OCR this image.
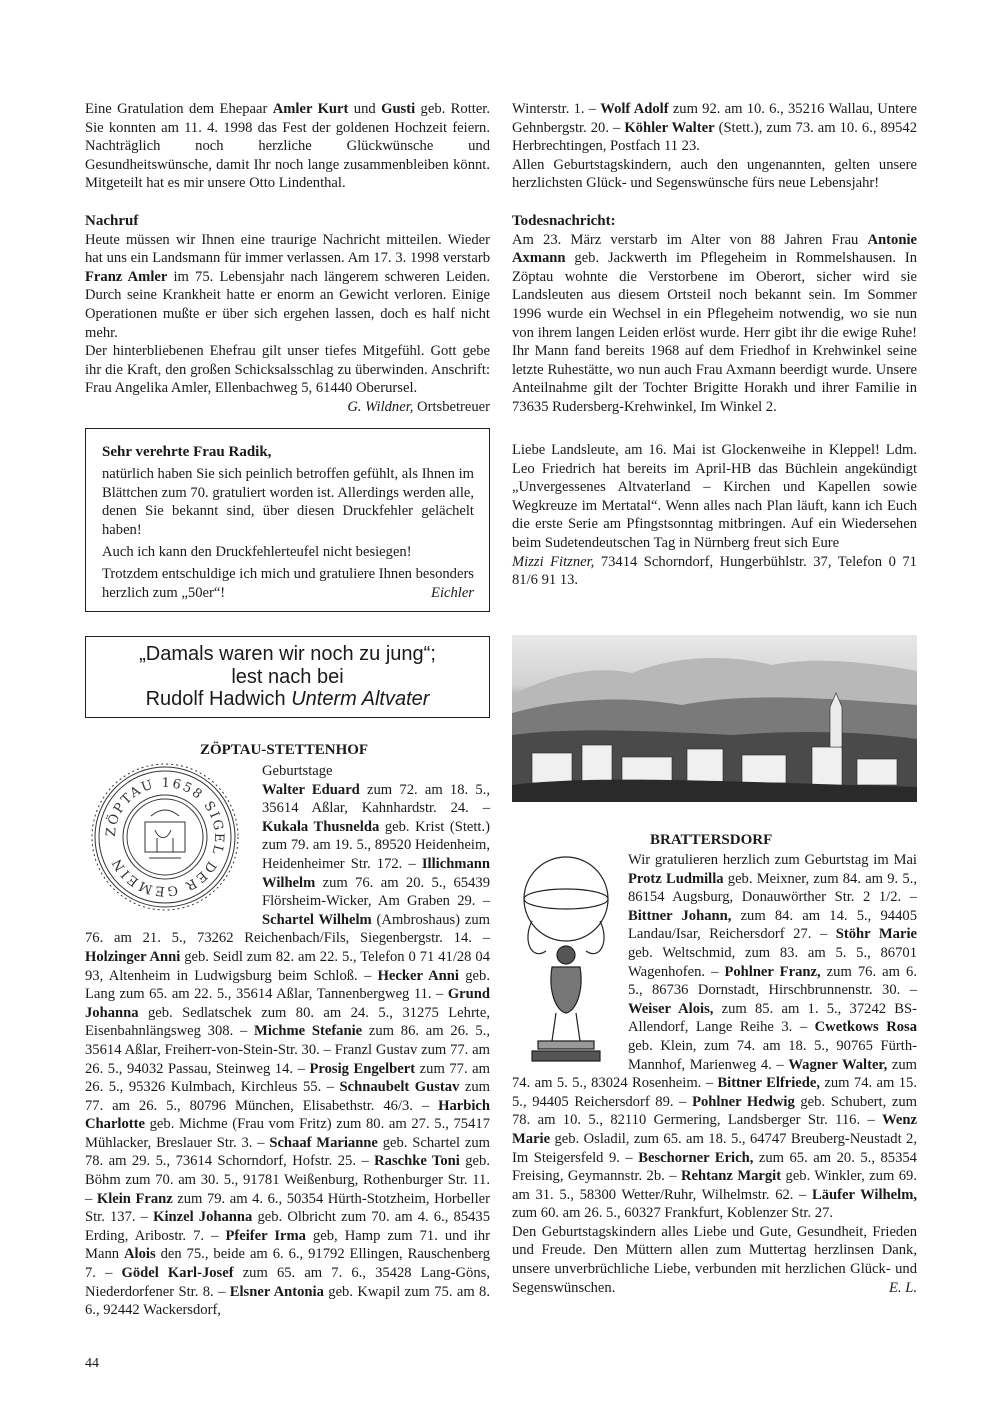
Eine Gratulation dem Ehepaar Amler Kurt und Gusti geb. Rotter. Sie konnten am 11. 4. 1998 das Fest der goldenen Hochzeit feiern. Nachträglich noch herzliche Glückwünsche und Gesundheitswünsche, damit Ihr noch lange zusammenbleiben könnt. Mitgeteilt hat es mir unsere Otto Lindenthal.

Nachruf

Heute müssen wir Ihnen eine traurige Nachricht mitteilen. Wieder hat uns ein Landsmann für immer verlassen. Am 17. 3. 1998 verstarb Franz Amler im 75. Lebensjahr nach längerem schweren Leiden. Durch seine Krankheit hatte er enorm an Gewicht verloren. Einige Operationen mußte er über sich ergehen lassen, doch es half nicht mehr.

Der hinterbliebenen Ehefrau gilt unser tiefes Mitgefühl. Gott gebe ihr die Kraft, den großen Schicksalsschlag zu überwinden. Anschrift: Frau Angelika Amler, Ellenbachweg 5, 61440 Oberursel.

G. Wildner, Ortsbetreuer

Sehr verehrte Frau Radik,

natürlich haben Sie sich peinlich betroffen gefühlt, als Ihnen im Blättchen zum 70. gratuliert worden ist. Allerdings werden alle, denen Sie bekannt sind, über diesen Druckfehler gelächelt haben!

Auch ich kann den Druckfehlerteufel nicht besiegen!

Trotzdem entschuldige ich mich und gratuliere Ihnen besonders herzlich zum „50er“!	Eichler

„Damals waren wir noch zu jung“;
lest nach bei
Rudolf Hadwich Unterm Altvater
ZÖPTAU-STETTENHOF
ZÖPTAU 1658 SIGEL DER GEMEIN
Geburtstage

Walter Eduard zum 72. am 18. 5., 35614 Aßlar, Kahnhardstr. 24. – Kukala Thusnelda geb. Krist (Stett.) zum 79. am 19. 5., 89520 Heidenheim, Heidenheimer Str. 172. – Illichmann Wilhelm zum 76. am 20. 5., 65439 Flörsheim-Wicker, Am Graben 29. – Schartel Wilhelm (Ambroshaus) zum 76. am 21. 5., 73262 Reichenbach/Fils, Siegenbergstr. 14. – Holzinger Anni geb. Seidl zum 82. am 22. 5., Telefon 0 71 41/28 04 93, Altenheim in Ludwigsburg beim Schloß. – Hecker Anni geb. Lang zum 65. am 22. 5., 35614 Aßlar, Tannenbergweg 11. – Grund Johanna geb. Sedlatschek zum 80. am 24. 5., 31275 Lehrte, Eisenbahnlängsweg 308. – Michme Stefanie zum 86. am 26. 5., 35614 Aßlar, Freiherr-von-Stein-Str. 30. – Franzl Gustav zum 77. am 26. 5., 94032 Passau, Steinweg 14. – Prosig Engelbert zum 77. am 26. 5., 95326 Kulmbach, Kirchleus 55. – Schnaubelt Gustav zum 77. am 26. 5., 80796 München, Elisabethstr. 46/3. – Harbich Charlotte geb. Michme (Frau vom Fritz) zum 80. am 27. 5., 75417 Mühlacker, Breslauer Str. 3. – Schaaf Marianne geb. Schartel zum 78. am 29. 5., 73614 Schorndorf, Hofstr. 25. – Raschke Toni geb. Böhm zum 70. am 30. 5., 91781 Weißenburg, Rothenburger Str. 11. – Klein Franz zum 79. am 4. 6., 50354 Hürth-Stotzheim, Horbeller Str. 137. – Kinzel Johanna geb. Olbricht zum 70. am 4. 6., 85435 Erding, Aribostr. 7. – Pfeifer Irma geb, Hamp zum 71. und ihr Mann Alois den 75., beide am 6. 6., 91792 Ellingen, Rauschenberg 7. – Gödel Karl-Josef zum 65. am 7. 6., 35428 Lang-Göns, Niederdorfener Str. 8. – Elsner Antonia geb. Kwapil zum 75. am 8. 6., 92442 Wackersdorf,

44

Winterstr. 1. – Wolf Adolf zum 92. am 10. 6., 35216 Wallau, Untere Gehnbergstr. 20. – Köhler Walter (Stett.), zum 73. am 10. 6., 89542 Herbrechtingen, Postfach 11 23.

Allen Geburtstagskindern, auch den ungenannten, gelten unsere herzlichsten Glück- und Segenswünsche fürs neue Lebensjahr!

Todesnachricht:

Am 23. März verstarb im Alter von 88 Jahren Frau Antonie Axmann geb. Jackwerth im Pflegeheim in Rommelshausen. In Zöptau wohnte die Verstorbene im Oberort, sicher wird sie Landsleuten aus diesem Ortsteil noch bekannt sein. Im Sommer 1996 wurde ein Wechsel in ein Pflegeheim notwendig, wo sie nun von ihrem langen Leiden erlöst wurde. Herr gibt ihr die ewige Ruhe! Ihr Mann fand bereits 1968 auf dem Friedhof in Krehwinkel seine letzte Ruhestätte, wo nun auch Frau Axmann beerdigt wurde. Unsere Anteilnahme gilt der Tochter Brigitte Horakh und ihrer Familie in 73635 Rudersberg-Krehwinkel, Im Winkel 2.

Liebe Landsleute, am 16. Mai ist Glockenweihe in Kleppel! Ldm. Leo Friedrich hat bereits im April-HB das Büchlein angekündigt „Unvergessenes Altvaterland – Kirchen und Kapellen sowie Wegkreuze im Mertatal“. Wenn alles nach Plan läuft, kann ich Euch die erste Serie am Pfingstsonntag mitbringen. Auf ein Wiedersehen beim Sudetendeutschen Tag in Nürnberg freut sich Eure

Mizzi Fitzner, 73414 Schorndorf, Hungerbühlstr. 37, Telefon 0 71 81/6 91 13.

BRATTERSDORF

Wir gratulieren herzlich zum Geburtstag im Mai Protz Ludmilla geb. Meixner, zum 84. am 9. 5., 86154 Augsburg, Donauwörther Str. 2 1/2. – Bittner Johann, zum 84. am 14. 5., 94405 Landau/Isar, Reichersdorf 27. – Stöhr Marie geb. Weltschmid, zum 83. am 5. 5., 86701 Wagenhofen. – Pohlner Franz, zum 76. am 6. 5., 86736 Dornstadt, Hirschbrunnenstr. 30. – Weiser Alois, zum 85. am 1. 5., 37242 BS-Allendorf, Lange Reihe 3. – Cwetkows Rosa geb. Klein, zum 74. am 18. 5., 90765 Fürth-Mannhof, Marienweg 4. – Wagner Walter, zum 74. am 5. 5., 83024 Rosenheim. – Bittner Elfriede, zum 74. am 15. 5., 94405 Reichersdorf 89. – Pohlner Hedwig geb. Schubert, zum 78. am 10. 5., 82110 Germering, Landsberger Str. 116. – Wenz Marie geb. Osladil, zum 65. am 18. 5., 64747 Breuberg-Neustadt 2, Im Steigersfeld 9. – Beschorner Erich, zum 65. am 20. 5., 85354 Freising, Geymannstr. 2b. – Rehtanz Margit geb. Winkler, zum 69. am 31. 5., 58300 Wetter/Ruhr, Wilhelmstr. 62. – Läufer Wilhelm, zum 60. am 26. 5., 60327 Frankfurt, Koblenzer Str. 27.

Den Geburtstagskindern alles Liebe und Gute, Gesundheit, Frieden und Freude. Den Müttern allen zum Muttertag herzlinsen Dank, unsere unverbrüchliche Liebe, verbunden mit herzlichen Glück- und Segenswünschen.	E. L.
